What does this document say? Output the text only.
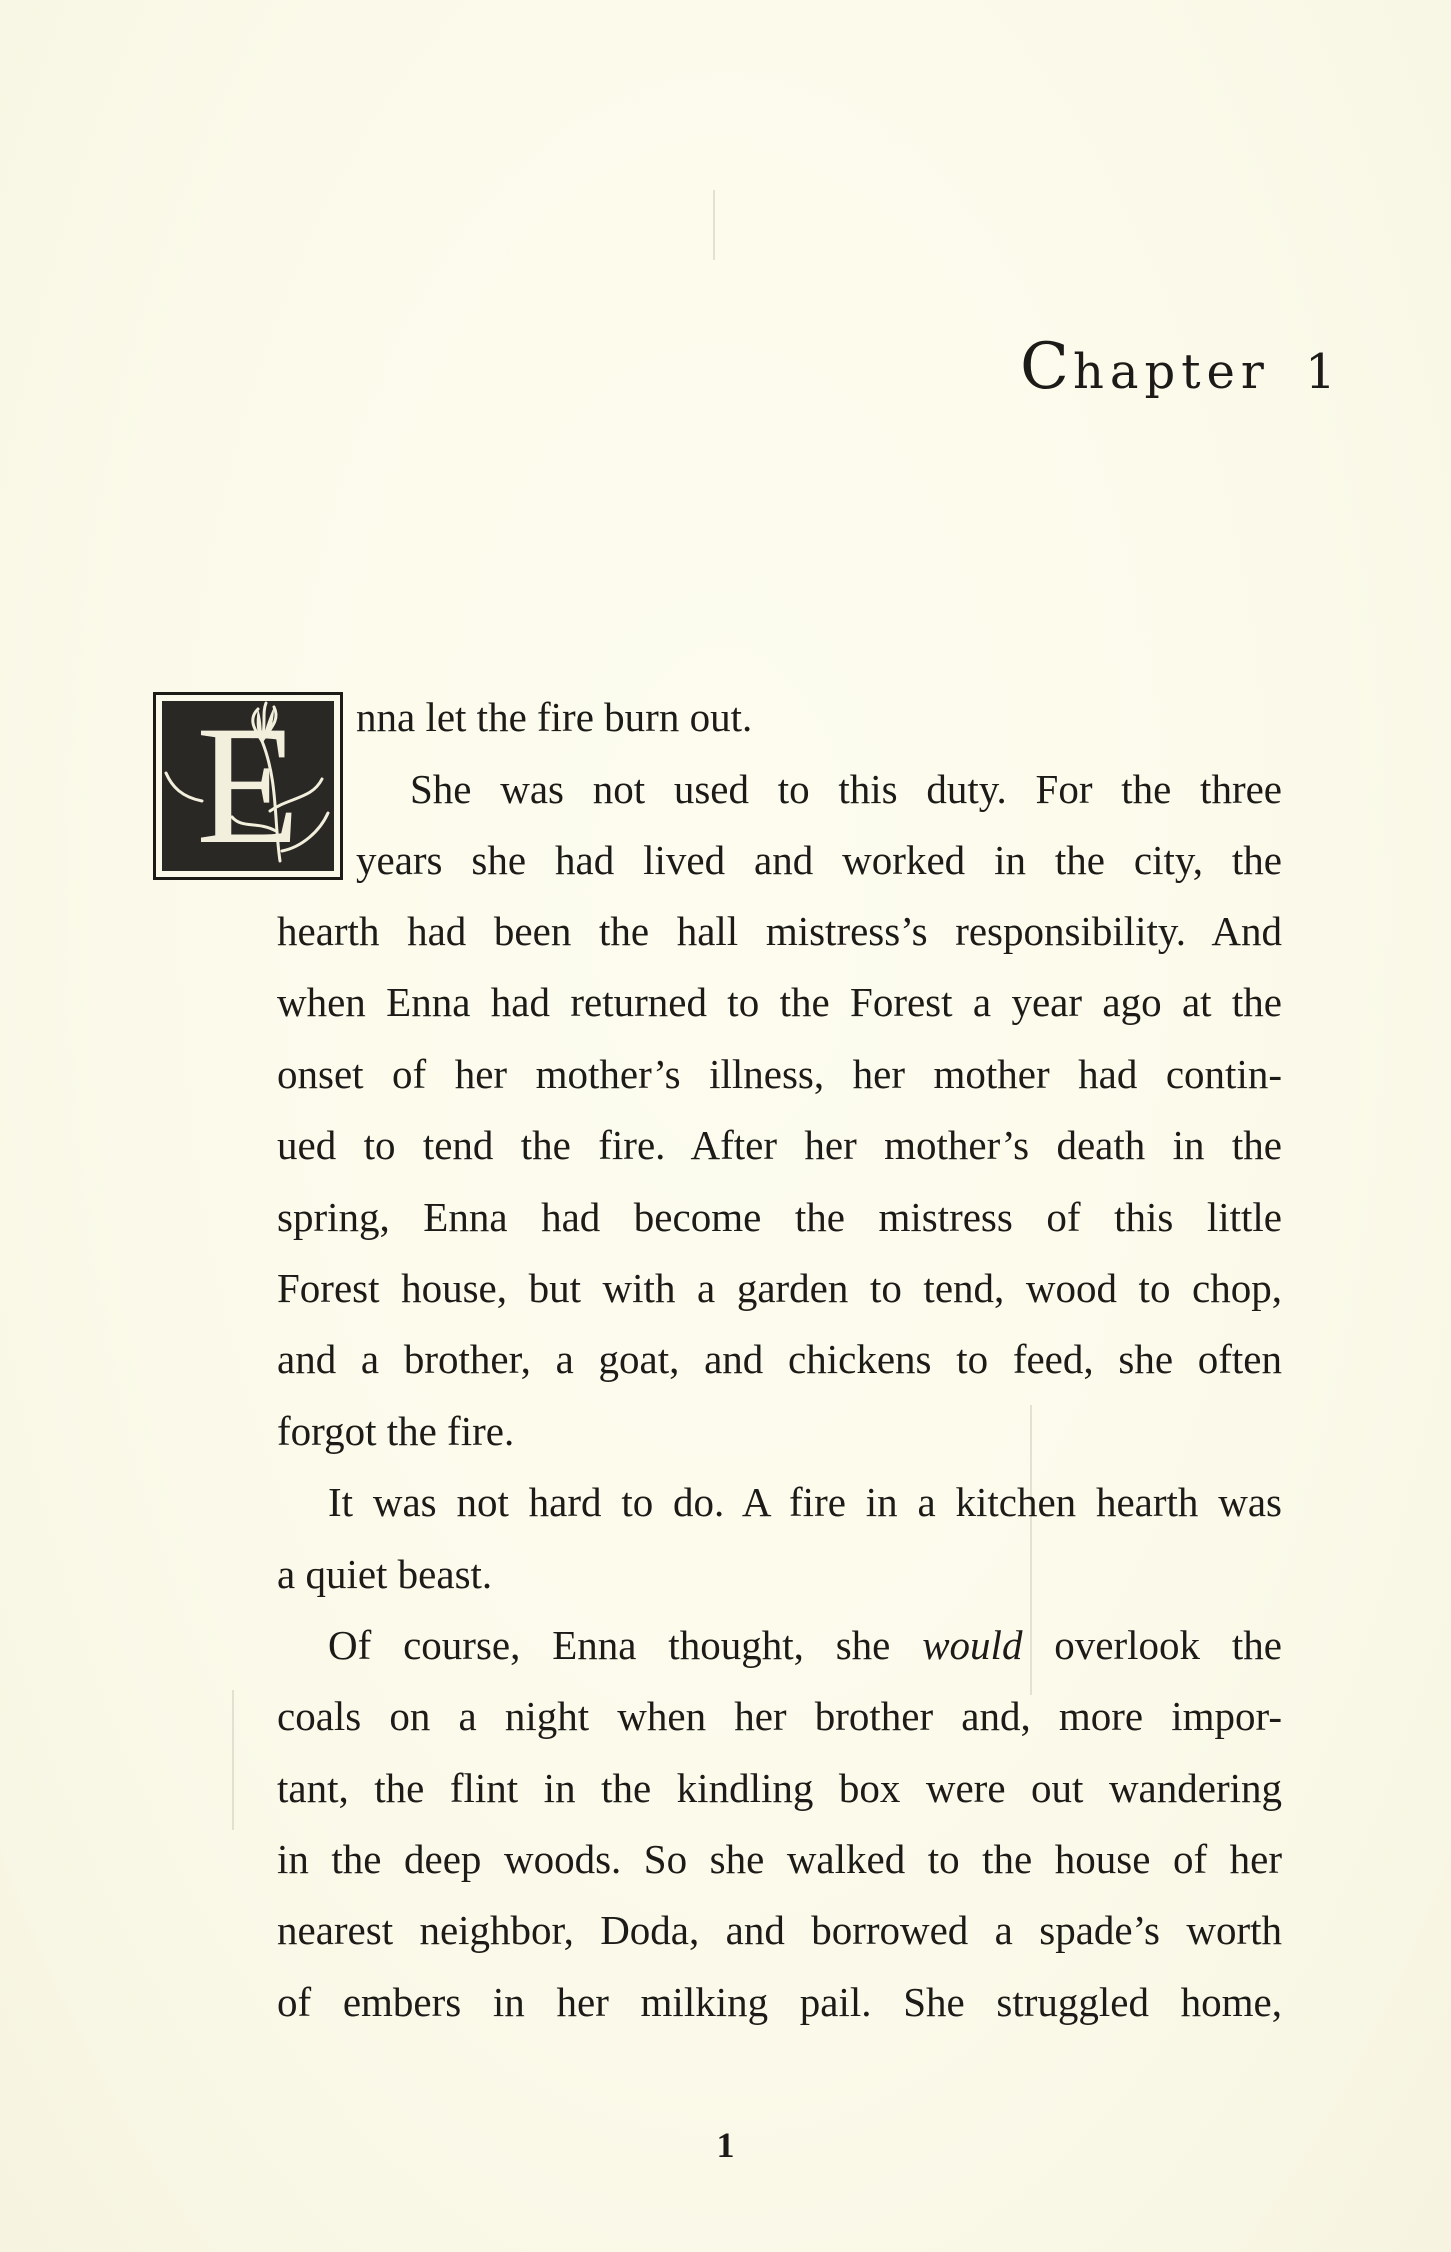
Chapter 1
E	nna let the fire burn out.
She was not used to this duty. For the three
years she had lived and worked in the city, the
hearth had been the hall mistress’s responsibility. And
when Enna had returned to the Forest a year ago at the
onset of her mother’s illness, her mother had contin-
ued to tend the fire. After her mother’s death in the
spring, Enna had become the mistress of this little
Forest house, but with a garden to tend, wood to chop,
and a brother, a goat, and chickens to feed, she often
forgot the fire.
It was not hard to do. A fire in a kitchen hearth was
a quiet beast.
Of course, Enna thought, she would overlook the
coals on a night when her brother and, more impor-
tant, the flint in the kindling box were out wandering
in the deep woods. So she walked to the house of her
nearest neighbor, Doda, and borrowed a spade’s worth
of embers in her milking pail. She struggled home,
1
